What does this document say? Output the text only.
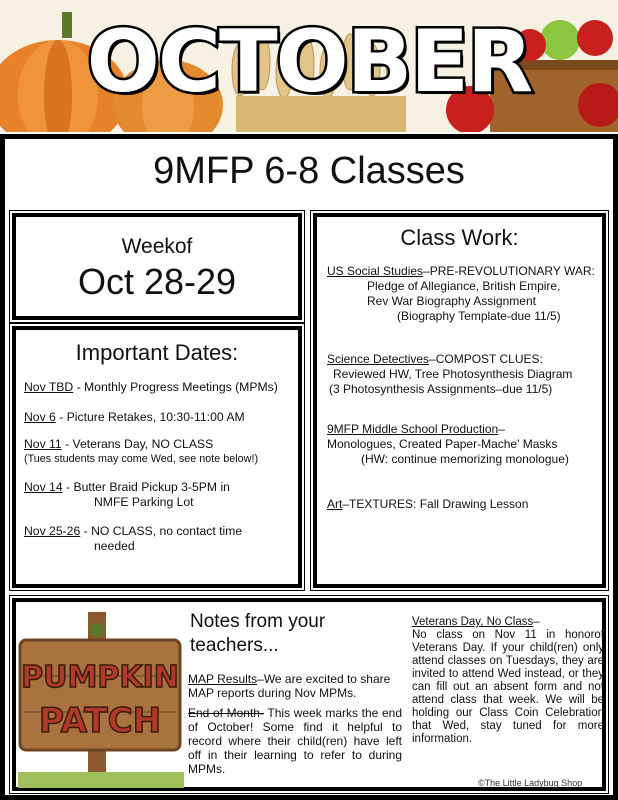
OCTOBER
9MFP 6-8 Classes
Weekof
Oct 28-29
Important Dates:
Nov TBD - Monthly Progress Meetings (MPMs)
Nov 6 - Picture Retakes, 10:30-11:00 AM
Nov 11 - Veterans Day, NO CLASS
(Tues students may come Wed, see note below!)
Nov 14 - Butter Braid Pickup 3-5PM in
NMFE Parking Lot
Nov 25-26 - NO CLASS, no contact time
needed
Class Work:
US Social Studies–PRE-REVOLUTIONARY WAR:
Pledge of Allegiance, British Empire,
Rev War Biography Assignment
(Biography Template-due 11/5)
Science Detectives–COMPOST CLUES:
Reviewed HW, Tree Photosynthesis Diagram
(3 Photosynthesis Assignments–due 11/5)
9MFP Middle School Production–
Monologues, Created Paper-Mache' Masks
(HW: continue memorizing monologue)
Art–TEXTURES: Fall Drawing Lesson
PUMPKIN
PATCH
Notes from your teachers...
MAP Results–We are excited to share
MAP reports during Nov MPMs.
End of Month- This week marks the end of October! Some find it helpful to record where their child(ren) have left off in their learning to refer to during MPMs.
Veterans Day, No Class–
No class on Nov 11 in honorof Veterans Day. If your child(ren) only attend classes on Tuesdays, they are invited to attend Wed instead, or they can fill out an absent form and not attend class that week. We will be holding our Class Coin Celebration that Wed, stay tuned for more information.
©The Little Ladybug Shop
